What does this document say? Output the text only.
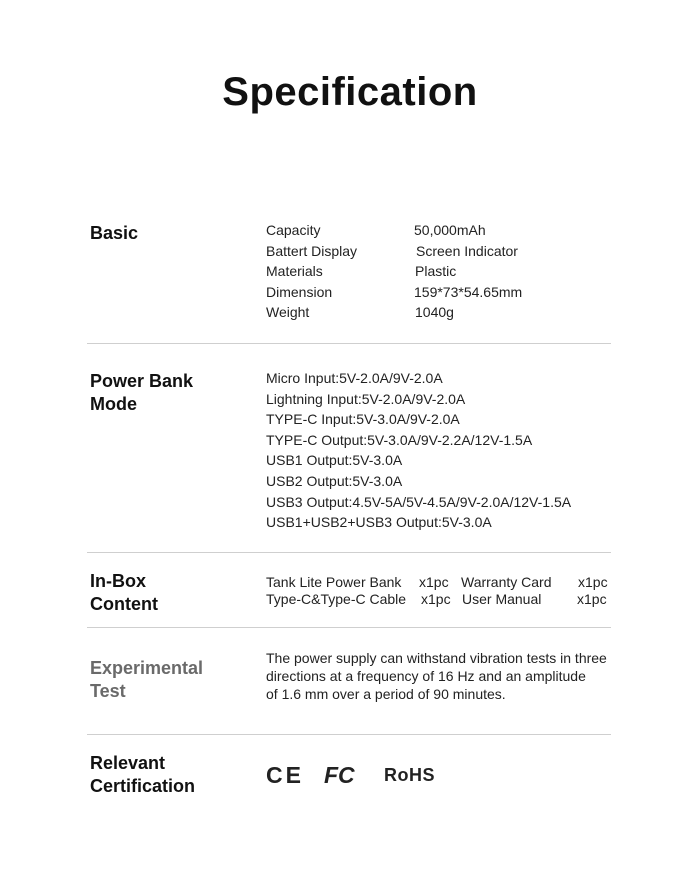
Specification
Basic	Capacity	50,000mAh
Battert Display	Screen Indicator
Materials	Plastic
Dimension	159*73*54.65mm
Weight	1040g
Power Bank
Mode
Micro Input:5V-2.0A/9V-2.0A
Lightning Input:5V-2.0A/9V-2.0A
TYPE-C Input:5V-3.0A/9V-2.0A
TYPE-C Output:5V-3.0A/9V-2.2A/12V-1.5A
USB1 Output:5V-3.0A
USB2 Output:5V-3.0A
USB3 Output:4.5V-5A/5V-4.5A/9V-2.0A/12V-1.5A
USB1+USB2+USB3 Output:5V-3.0A
In-Box
Content
Tank Lite Power Bank x1pc Warranty Card x1pc
Type-C&Type-C Cable x1pc User Manual	x1pc
Experimental
Test
The power supply can withstand vibration tests in three
directions at a frequency of 16 Hz and an amplitude
of 1.6 mm over a period of 90 minutes.
Relevant
Certification	CE FC	RoHS
